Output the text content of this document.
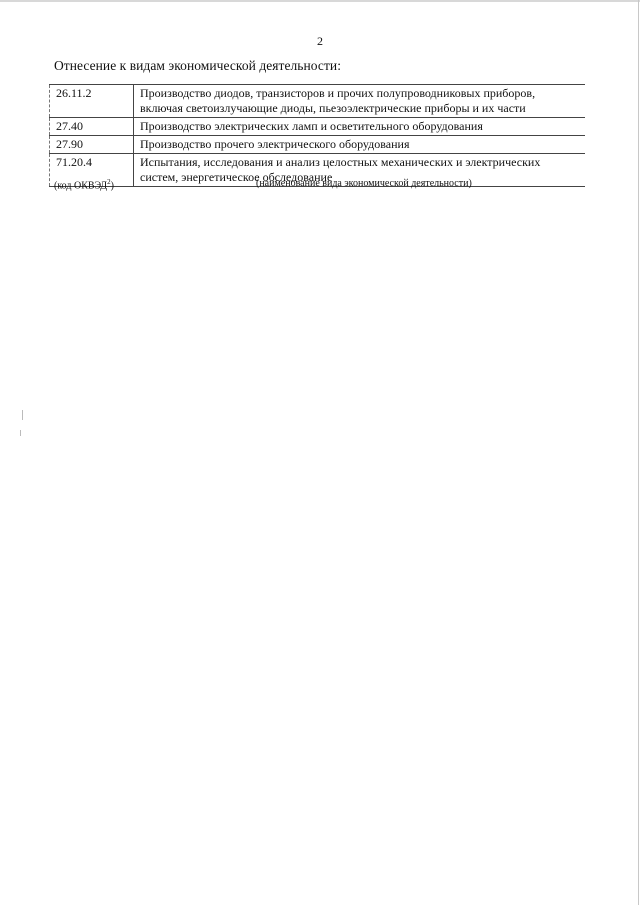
2
Отнесение к видам экономической деятельности:
26.11.2	Производство диодов, транзисторов и прочих полупроводниковых приборов,
включая светоизлучающие диоды, пьезоэлектрические приборы и их части

27.40	Производство электрических ламп и осветительного оборудования

27.90	Производство прочего электрического оборудования

71.20.4	Испытания, исследования и анализ целостных механических и электрических
систем, энергетическое обследование
(код ОКВЭД$^2$)	(наименование вида экономической деятельности)
